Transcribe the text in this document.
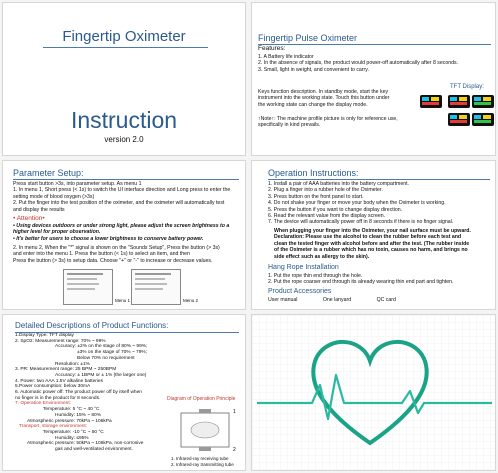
Fingertip Oximeter
Instruction
version 2.0
Fingertip Pulse Oximeter
Features:
1. A Battery life indicator
2. In the absence of signals, the product would power-off automatically after 8 seconds.
3. Small, light in weight, and convenient to carry.
Keys function description. In standby mode, start the key
instrument into the working state. Touch this button under
the working state can change the display mode.
↑Note↑: The machine profile picture is only for reference use,
specifically in kind prevails.
TFT Display:
Parameter Setup:
Press start button >3s, into parameter setup. As menu 1
1. In menu 1, Short press (< 1s) to switch the UI interface direction and Long press to enter the
setting mode of blood oxygen (>3s)
2. Put the finger into the test position of the oximeter, and the oximeter will automatically test
and display the results
• Attention•
• Using devices outdoors or under strong light, please adjust the screen brightness to a
higher level for proper observation.
• It's better for users to choose a lower brightness to conserve battery power.
2. In menu 2, When the "*" signal is shown on the "Sounds Setup", Press the button (> 3s)
and enter into the menu 1. Press the button (< 1s) to select an item, and then
Press the button (> 3s) to setup data. Choose "+" or "-" to increase or decrease values.
Menu 1	Menu 2
Operation Instructions:
1. Install a pair of AAA batteries into the battery compartment.
2. Plug a finger into a rubber hole of the Oximeter.
3. Press button on the front panel to start.
4. Do not shake your finger or move your body when the Oximeter is working.
5. Press the button if you want to change display direction.
6. Read the relevant value from the display screen.
7. The device will automatically power off in 8 seconds if there is no finger signal.
When plugging your finger into the Oximeter, your nail surface must be upward.
Declaration: Please use the alcohol to clean the rubber before each test and
clean the tested finger with alcohol before and after the test. (The rubber inside
of the Oximeter is a rubber which has no toxin, causes no harm, and brings no
side effect such as allergy to the skin).
Hang Rope Installation
1. Put the rope thin end through the hole.
2. Put the rope coarser end through its already wearing thin end part and tighten.
Product Accessories
User manual	One lanyard	QC card
Detailed Descriptions of Product Functions:
1.Display Type: TFT display
2. SpO2: Measurement range: 70% ~ 99%
Accuracy: ±2% on the stage of 80% ~ 99%;
±3% on the stage of 70% ~ 79%;
Below 70% no requirement
Resolution: ±1%
3. PR: Measurement range: 25 BPM ~ 250BPM
Accuracy: ± 1BPM or ± 1% (the larger one)
4. Power: two AAA 1.5V alkaline batteries
5.Power consumption: below 30mA
6. Automatic power off: The product power off by itself when
no finger is in the product for 8 seconds.
7. Operation Environment:
Temperature: 5 °C ~ 40 °C
Humidity: 15% ~ 80%
Atmospheric pressure: 70kPa ~ 106kPa
Transport, storage environment:
Temperature: -10 °C ~ 50 °C
Humidity: ≤95%
Atmospheric pressure: 50kPa ~ 106kPa, non-corrosive
gas and well-ventilated environment.
Diagram of Operation Principle
1
2
1. Infrared-ray receiving tube
2. Infrared-ray transmitting tube
